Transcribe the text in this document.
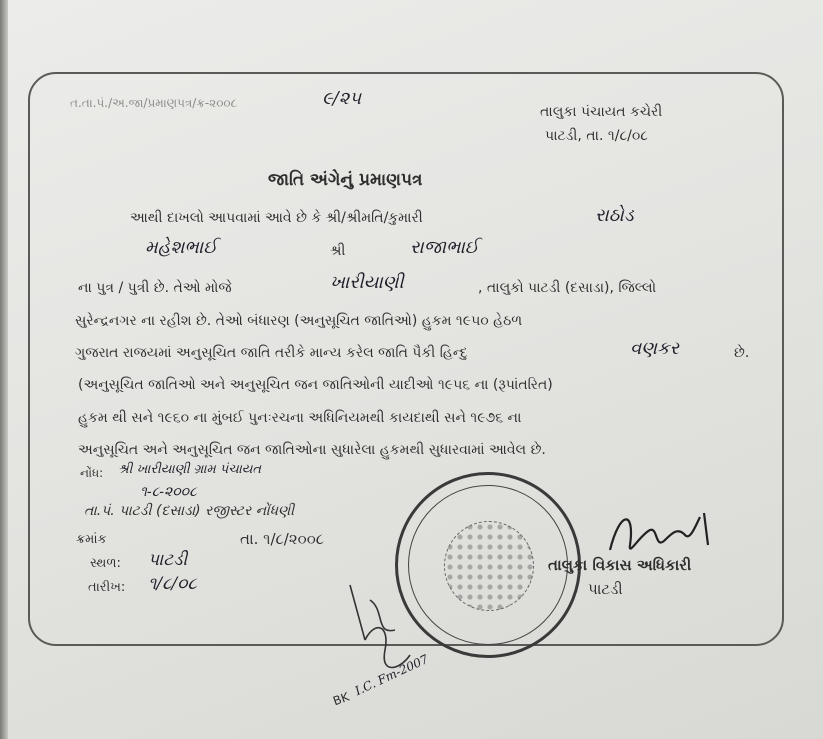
ત.તા.પં./અ.જા/પ્રમાણપત્ર/ક્ર-૨૦૦૮	૯/૨૫
તાલુકા પંચાયત કચેરી
પાટડી, તા. ૧/૮/૦૮
જાતિ અંગેનું પ્રમાણપત્ર
આથી દાખલો આપવામાં આવે છે કે શ્રી/શ્રીમતિ/કુમારી	રાઠોડ
મહેશભાઈ	શ્રી	રાજાભાઈ
ના પુત્ર / પુત્રી છે. તેઓ મોજે	ખારીયાણી	, તાલુકો પાટડી (દસાડા), જિલ્લો
સુરેન્દ્રનગર ના રહીશ છે. તેઓ બંધારણ (અનુસૂચિત જાતિઓ) હુકમ ૧૯૫૦ હેઠળ
ગુજરાત રાજયમાં અનુસૂચિત જાતિ તરીકે માન્ય કરેલ જાતિ પૈકી હિન્દુ	વણકર	છે.
(અનુસૂચિત જાતિઓ અને અનુસૂચિત જન જાતિઓની યાદીઓ ૧૯૫૬ ના (રૂપાંતરિત)
હુકમ થી સને ૧૯૬૦ ના મુંબઈ પુનઃરચના અધિનિયમથી કાયદાથી સને ૧૯૭૬ ના
અનુસૂચિત અને અનુસૂચિત જન જાતિઓના સુધારેલા હુકમથી સુધારવામાં આવેલ છે.
નોંધ: શ્રી ખારીયાણી ગ્રામ પંચાયત
૧-૮-૨૦૦૮
તા.પં. પાટડી (દસાડા) રજીસ્ટર નોંધણી
ક્રમાંક	તા. ૧/૮/૨૦૦૮
સ્થળ: પાટડી
તારીખ: ૧/૮/૦૮
તાલુકા વિકાસ અધિકારી
પાટડી
I.C. Fm-2007
BK
